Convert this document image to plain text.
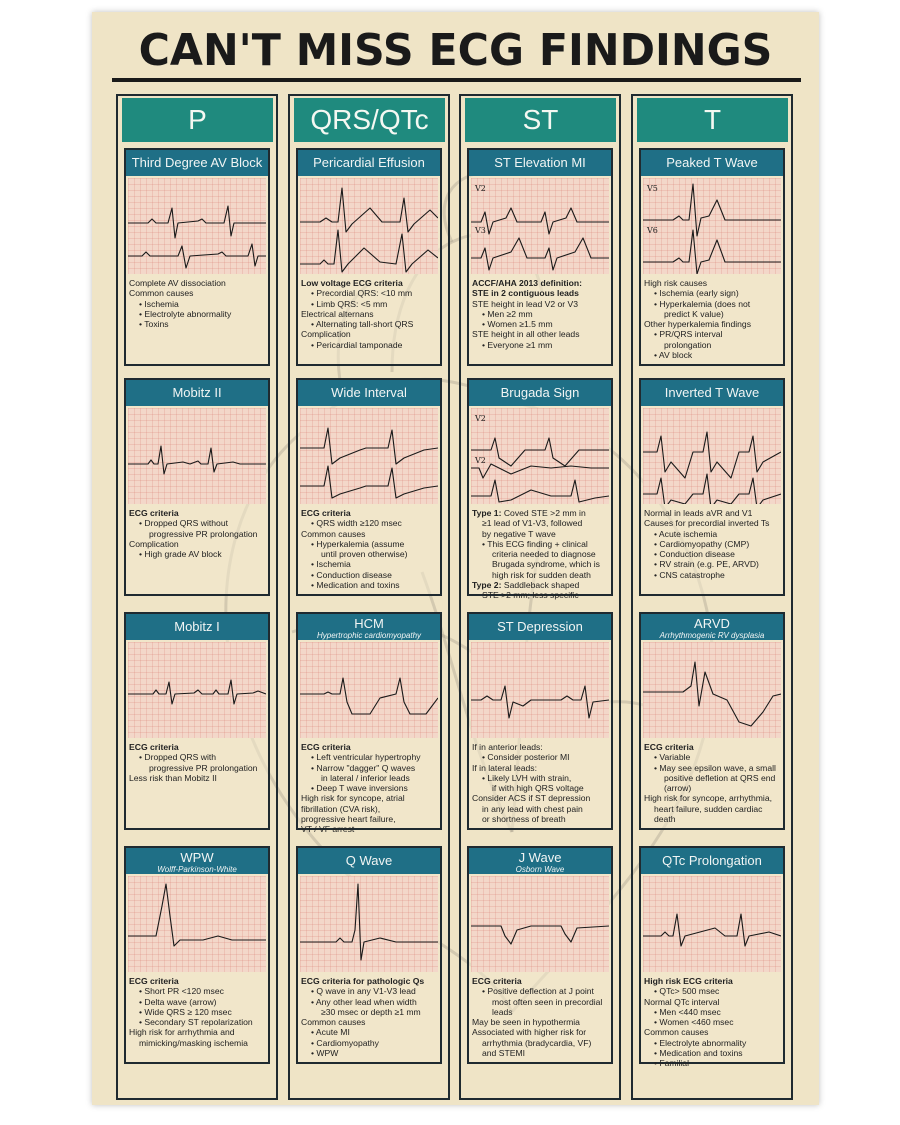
CAN'T MISS ECG FINDINGS
P	QRS/QTc	ST	T
Third Degree AV Block
Complete AV dissociation
Common causes
• Ischemia
• Electrolyte abnormality
• Toxins
Mobitz II
ECG criteria
• Dropped QRS without
progressive PR prolongation
Complication
• High grade AV block
Mobitz I
ECG criteria
• Dropped QRS with
progressive PR prolongation
Less risk than Mobitz II
WPW
Wolff-Parkinson-White
ECG criteria
• Short PR <120 msec
• Delta wave (arrow)
• Wide QRS ≥ 120 msec
• Secondary ST repolarization
High risk for arrhythmia and
mimicking/masking ischemia
Pericardial Effusion
Low voltage ECG criteria
• Precordial QRS: <10 mm
• Limb QRS: <5 mm
Electrical alternans
• Alternating tall-short QRS
Complication
• Pericardial tamponade
Wide Interval
ECG criteria
• QRS width ≥120 msec
Common causes
• Hyperkalemia (assume
until proven otherwise)
• Ischemia
• Conduction disease
• Medication and toxins
HCM
Hypertrophic cardiomyopathy
ECG criteria
• Left ventricular hypertrophy
• Narrow "dagger" Q waves
in lateral / inferior leads
• Deep T wave inversions
High risk for syncope, atrial
fibrillation (CVA risk),
progressive heart failure,
VT / VF arrest
Q Wave
ECG criteria for pathologic Qs
• Q wave in any V1-V3 lead
• Any other lead when width
≥30 msec or depth ≥1 mm
Common causes
• Acute MI
• Cardiomyopathy
• WPW
ST Elevation MI
V2
V3
ACCF/AHA 2013 definition:
STE in 2 contiguous leads
STE height in lead V2 or V3
• Men ≥2 mm
• Women ≥1.5 mm
STE height in all other leads
• Everyone ≥1 mm
Brugada Sign
V2
V2
Type 1: Coved STE >2 mm in
≥1 lead of V1-V3, followed
by negative T wave
• This ECG finding + clinical
criteria needed to diagnose
Brugada syndrome, which is
high risk for sudden death
Type 2: Saddleback shaped
STE >2 mm; less specific
ST Depression
If in anterior leads:
• Consider posterior MI
If in lateral leads:
• Likely LVH with strain,
if with high QRS voltage
Consider ACS if ST depression
in any lead with chest pain
or shortness of breath
J Wave
Osborn Wave
ECG criteria
• Positive deflection at J point
most often seen in precordial
leads
May be seen in hypothermia
Associated with higher risk for
arrhythmia (bradycardia, VF)
and STEMI
Peaked T Wave
V5
V6
High risk causes
• Ischemia (early sign)
• Hyperkalemia (does not
predict K value)
Other hyperkalemia findings
• PR/QRS interval
prolongation
• AV block
Inverted T Wave
Normal in leads aVR and V1
Causes for precordial inverted Ts
• Acute ischemia
• Cardiomyopathy (CMP)
• Conduction disease
• RV strain (e.g. PE, ARVD)
• CNS catastrophe
ARVD
Arrhythmogenic RV dysplasia
ECG criteria
• Variable
• May see epsilon wave, a small
positive defletion at QRS end
(arrow)
High risk for syncope, arrhythmia,
heart failure, sudden cardiac
death
QTc Prolongation
High risk ECG criteria
• QTc> 500 msec
Normal QTc interval
• Men <440 msec
• Women <460 msec
Common causes
• Electrolyte abnormality
• Medication and toxins
• Familial
